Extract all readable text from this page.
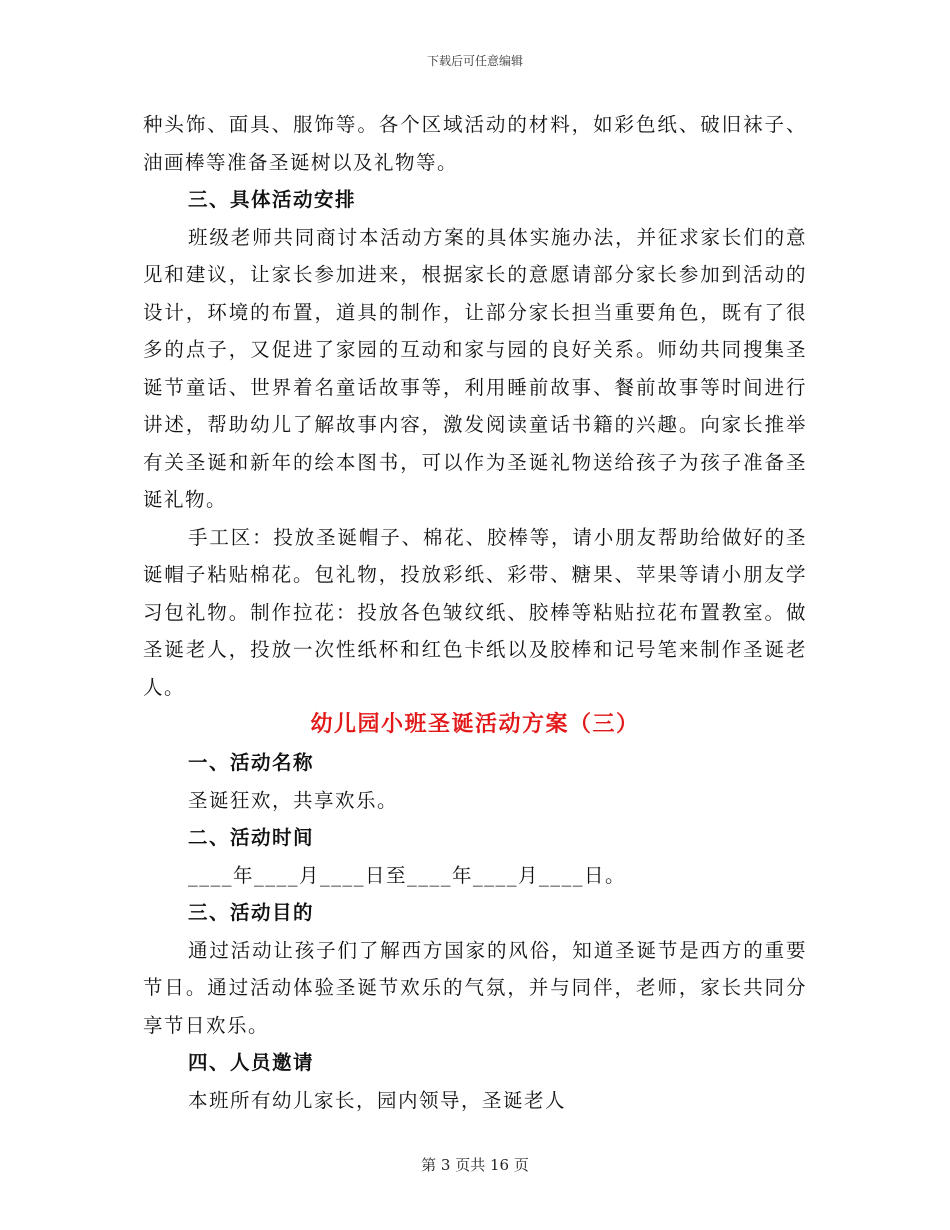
下载后可任意编辑

种头饰、面具、服饰等。各个区域活动的材料，如彩色纸、破旧袜子、油画棒等准备圣诞树以及礼物等。

三、具体活动安排

班级老师共同商讨本活动方案的具体实施办法，并征求家长们的意见和建议，让家长参加进来，根据家长的意愿请部分家长参加到活动的设计，环境的布置，道具的制作，让部分家长担当重要角色，既有了很多的点子，又促进了家园的互动和家与园的良好关系。师幼共同搜集圣诞节童话、世界着名童话故事等，利用睡前故事、餐前故事等时间进行讲述，帮助幼儿了解故事内容，激发阅读童话书籍的兴趣。向家长推举有关圣诞和新年的绘本图书，可以作为圣诞礼物送给孩子为孩子准备圣诞礼物。

手工区：投放圣诞帽子、棉花、胶棒等，请小朋友帮助给做好的圣诞帽子粘贴棉花。包礼物，投放彩纸、彩带、糖果、苹果等请小朋友学习包礼物。制作拉花：投放各色皱纹纸、胶棒等粘贴拉花布置教室。做圣诞老人，投放一次性纸杯和红色卡纸以及胶棒和记号笔来制作圣诞老人。

幼儿园小班圣诞活动方案（三）

一、活动名称

圣诞狂欢，共享欢乐。

二、活动时间

____年____月____日至____年____月____日。

三、活动目的

通过活动让孩子们了解西方国家的风俗，知道圣诞节是西方的重要节日。通过活动体验圣诞节欢乐的气氛，并与同伴，老师，家长共同分享节日欢乐。

四、人员邀请

本班所有幼儿家长，园内领导，圣诞老人

第 3 页共 16 页
